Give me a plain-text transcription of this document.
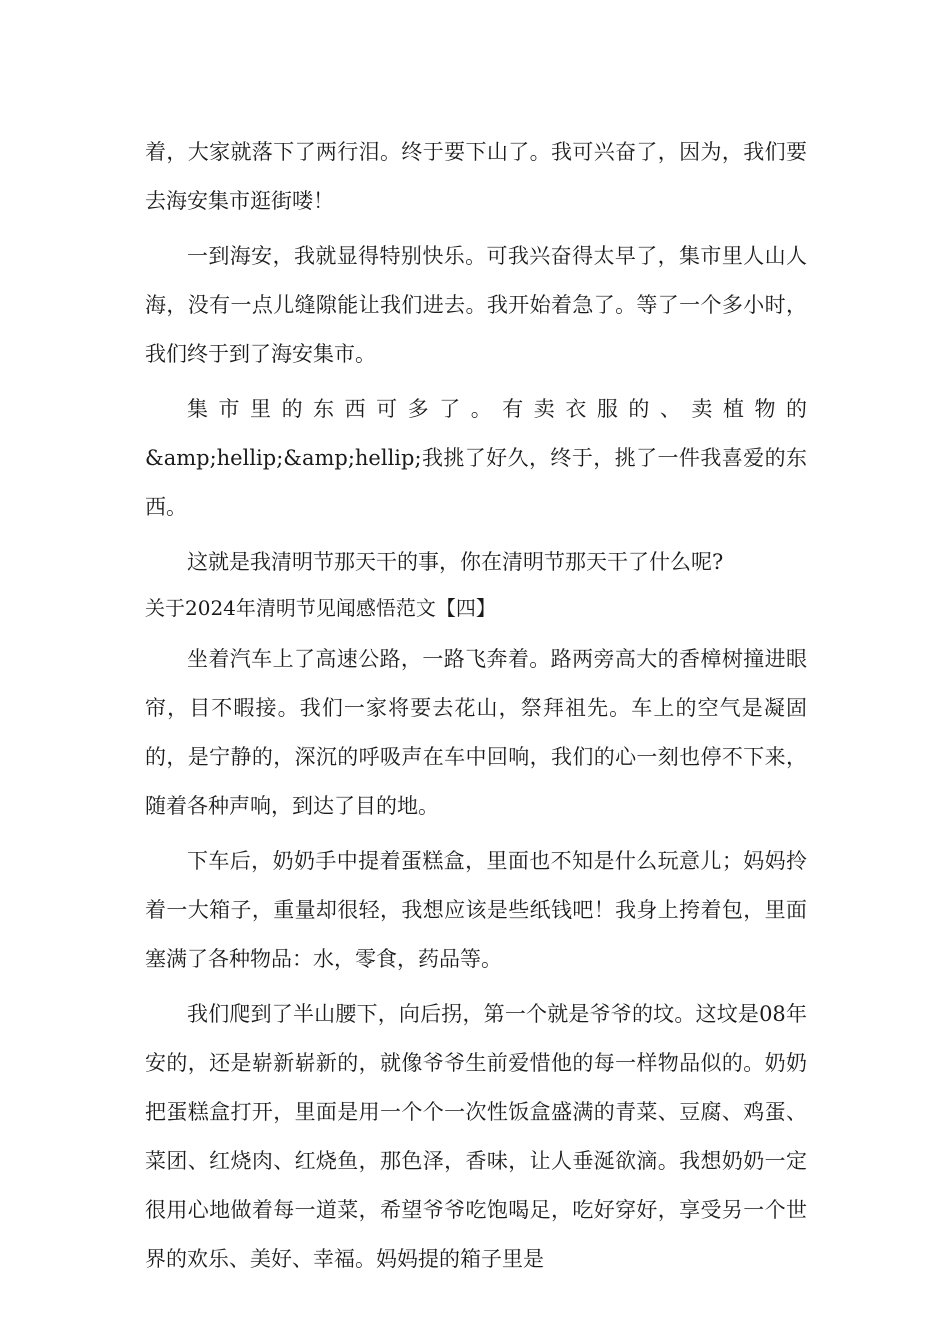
着，大家就落下了两行泪。终于要下山了。我可兴奋了，因为，我们要去海安集市逛街喽！

一到海安，我就显得特别快乐。可我兴奋得太早了，集市里人山人海，没有一点儿缝隙能让我们进去。我开始着急了。等了一个多小时，我们终于到了海安集市。

集市里的东西可多了。有卖衣服的、卖植物的&amp;hellip;&amp;hellip;我挑了好久，终于，挑了一件我喜爱的东西。

这就是我清明节那天干的事，你在清明节那天干了什么呢?

关于2024年清明节见闻感悟范文【四】

坐着汽车上了高速公路，一路飞奔着。路两旁高大的香樟树撞进眼帘，目不暇接。我们一家将要去花山，祭拜祖先。车上的空气是凝固的，是宁静的，深沉的呼吸声在车中回响，我们的心一刻也停不下来，随着各种声响，到达了目的地。

下车后，奶奶手中提着蛋糕盒，里面也不知是什么玩意儿；妈妈拎着一大箱子，重量却很轻，我想应该是些纸钱吧！我身上挎着包，里面塞满了各种物品：水，零食，药品等。

我们爬到了半山腰下，向后拐，第一个就是爷爷的坟。这坟是08年安的，还是崭新崭新的，就像爷爷生前爱惜他的每一样物品似的。奶奶把蛋糕盒打开，里面是用一个个一次性饭盒盛满的青菜、豆腐、鸡蛋、菜团、红烧肉、红烧鱼，那色泽，香味，让人垂涎欲滴。我想奶奶一定很用心地做着每一道菜，希望爷爷吃饱喝足，吃好穿好，享受另一个世界的欢乐、美好、幸福。妈妈提的箱子里是
